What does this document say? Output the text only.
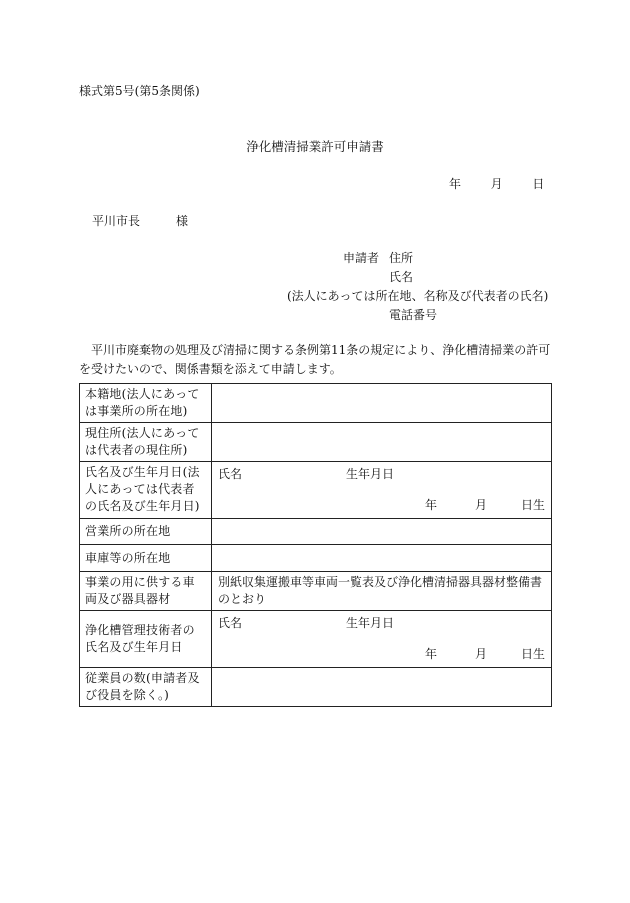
様式第5号(第5条関係)
浄化槽清掃業許可申請書
年 月 日
平川市長	様
申請者 住所
氏名
(法人にあっては所在地、名称及び代表者の氏名)
電話番号
平川市廃棄物の処理及び清掃に関する条例第11条の規定により、浄化槽清掃業の許可を受けたいので、関係書類を添えて申請します。
本籍地(法人にあっては事業所の所在地)	
現住所(法人にあっては代表者の現住所)	
氏名及び生年月日(法人にあっては代表者の氏名及び生年月日)	氏名 生年月日
年 月 日生

営業所の所在地	
車庫等の所在地	
事業の用に供する車両及び器具器材	別紙収集運搬車等車両一覧表及び浄化槽清掃器具器材整備書のとおり
浄化槽管理技術者の氏名及び生年月日	氏名 生年月日
年 月 日生

従業員の数(申請者及び役員を除く。)	
